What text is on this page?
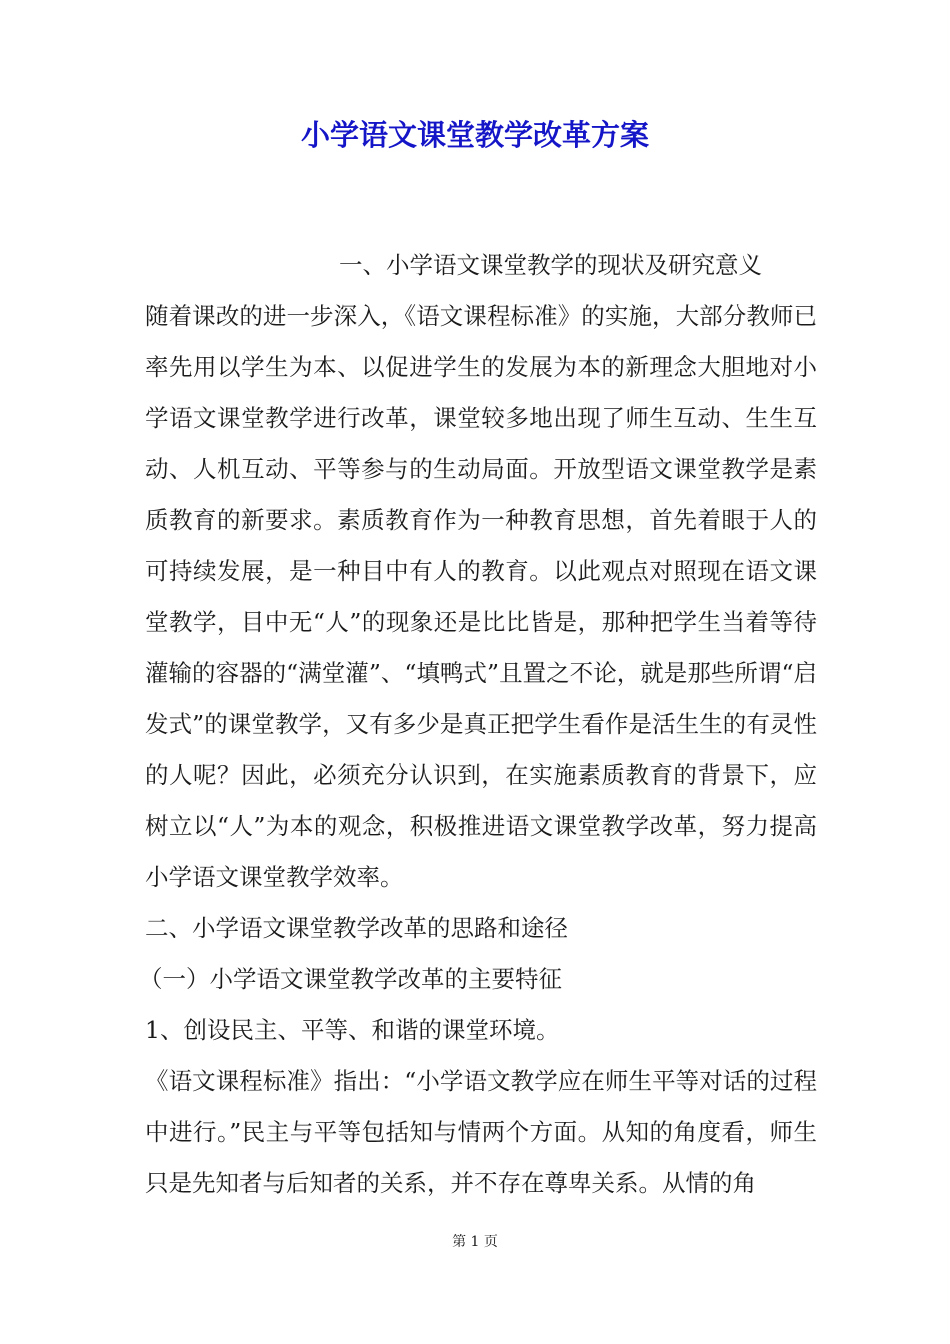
小学语文课堂教学改革方案

一、小学语文课堂教学的现状及研究意义

随着课改的进一步深入，《语文课程标准》的实施，大部分教师已率先用以学生为本、以促进学生的发展为本的新理念大胆地对小学语文课堂教学进行改革，课堂较多地出现了师生互动、生生互动、人机互动、平等参与的生动局面。开放型语文课堂教学是素质教育的新要求。素质教育作为一种教育思想，首先着眼于人的可持续发展，是一种目中有人的教育。以此观点对照现在语文课堂教学，目中无“人”的现象还是比比皆是，那种把学生当着等待灌输的容器的“满堂灌”、“填鸭式”且置之不论，就是那些所谓“启发式”的课堂教学，又有多少是真正把学生看作是活生生的有灵性的人呢？因此，必须充分认识到，在实施素质教育的背景下，应树立以“人”为本的观念，积极推进语文课堂教学改革，努力提高小学语文课堂教学效率。

二、小学语文课堂教学改革的思路和途径

（一）小学语文课堂教学改革的主要特征

1、创设民主、平等、和谐的课堂环境。

《语文课程标准》指出：“小学语文教学应在师生平等对话的过程中进行。”民主与平等包括知与情两个方面。从知的角度看，师生只是先知者与后知者的关系，并不存在尊卑关系。从情的角

第 1 页
